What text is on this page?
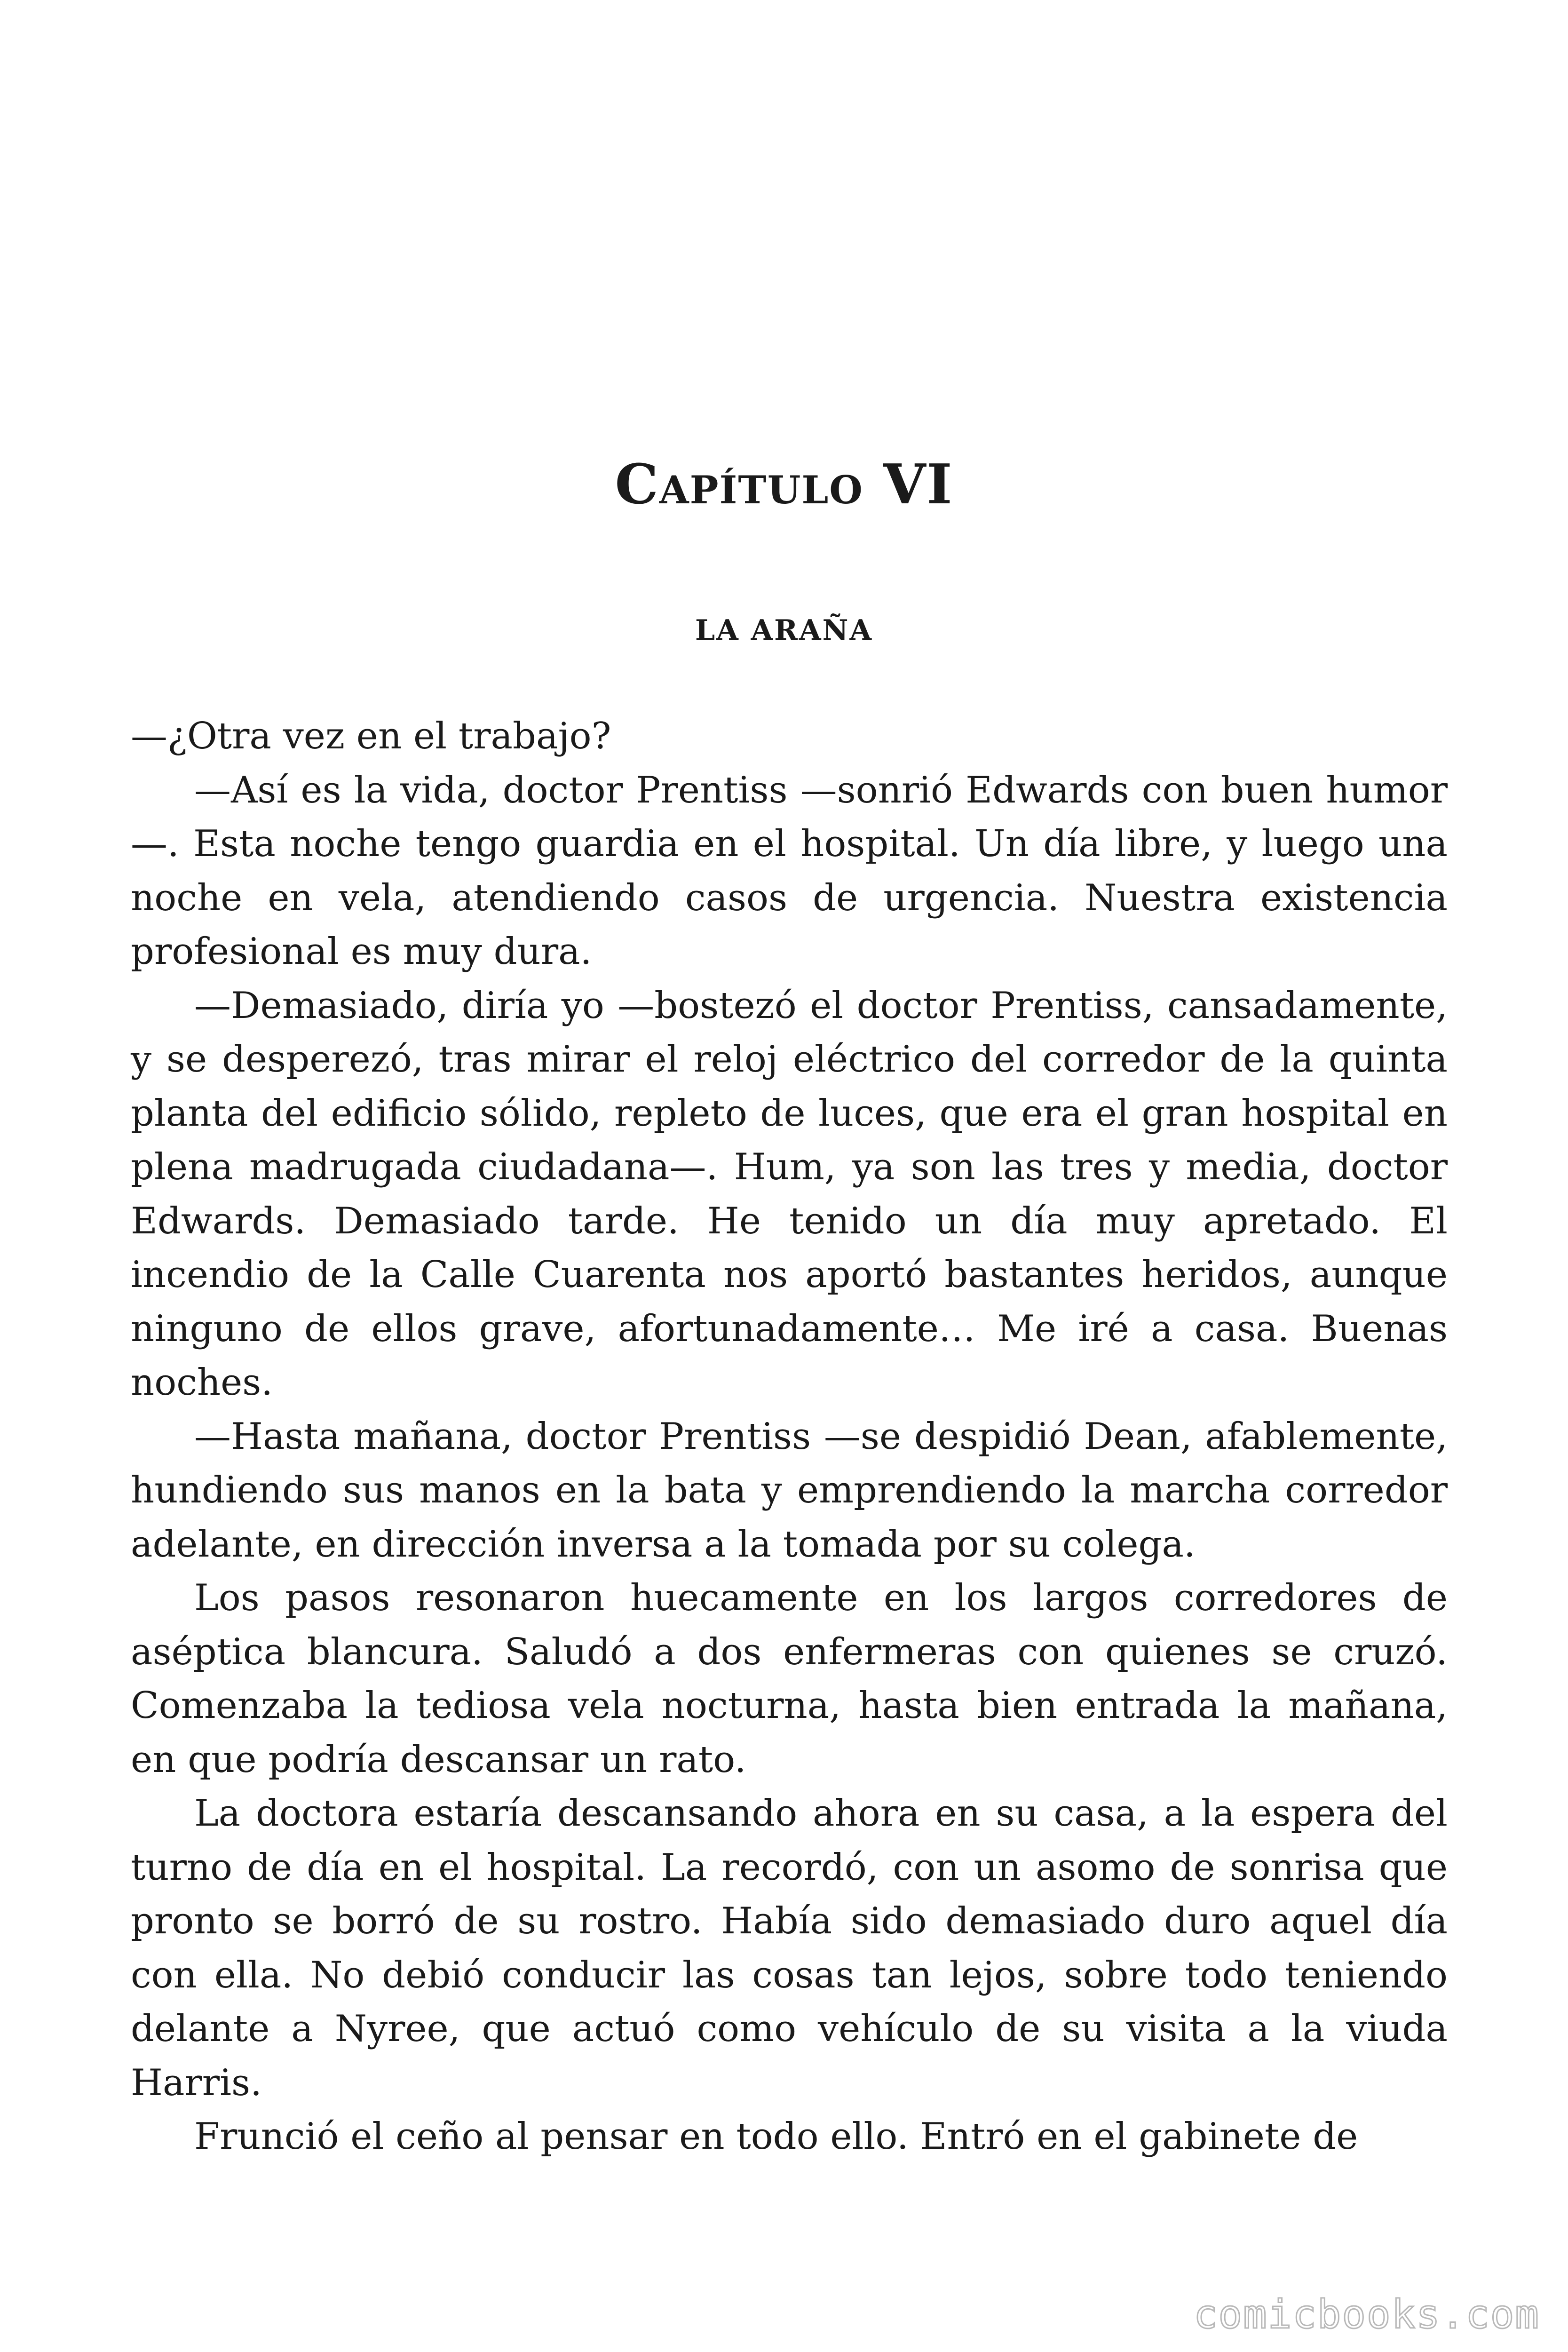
Capítulo VI
LA ARAÑA

—¿Otra vez en el trabajo?

—Así es la vida, doctor Prentiss —sonrió Edwards con buen humor—. Esta noche tengo guardia en el hospital. Un día libre, y luego una noche en vela, atendiendo casos de urgencia. Nuestra existencia profesional es muy dura.

—Demasiado, diría yo —bostezó el doctor Prentiss, cansadamente, y se desperezó, tras mirar el reloj eléctrico del corredor de la quinta planta del edificio sólido, repleto de luces, que era el gran hospital en plena madrugada ciudadana—. Hum, ya son las tres y media, doctor Edwards. Demasiado tarde. He tenido un día muy apretado. El incendio de la Calle Cuarenta nos aportó bastantes heridos, aunque ninguno de ellos grave, afortunadamente… Me iré a casa. Buenas noches.

—Hasta mañana, doctor Prentiss —se despidió Dean, afablemente, hundiendo sus manos en la bata y emprendiendo la marcha corredor adelante, en dirección inversa a la tomada por su colega.

Los pasos resonaron huecamente en los largos corredores de aséptica blancura. Saludó a dos enfermeras con quienes se cruzó. Comenzaba la tediosa vela nocturna, hasta bien entrada la mañana, en que podría descansar un rato.

La doctora estaría descansando ahora en su casa, a la espera del turno de día en el hospital. La recordó, con un asomo de sonrisa que pronto se borró de su rostro. Había sido demasiado duro aquel día con ella. No debió conducir las cosas tan lejos, sobre todo teniendo delante a Nyree, que actuó como vehículo de su visita a la viuda Harris.

Frunció el ceño al pensar en todo ello. Entró en el gabinete de

comicbooks.com
